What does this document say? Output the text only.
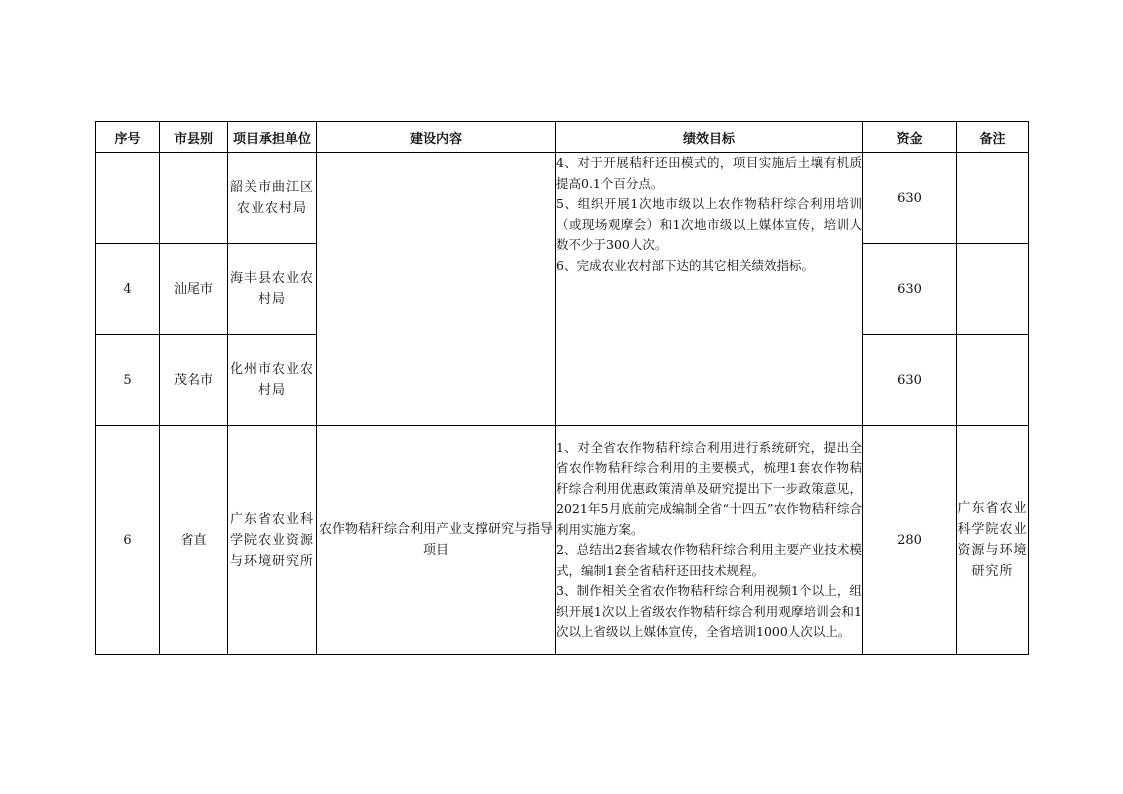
序号	市县别	项目承担单位	建设内容	绩效目标	资金	备注
		韶关市曲江区农业农村局		4、对于开展秸秆还田模式的，项目实施后土壤有机质提高0.1个百分点。

5、组织开展1次地市级以上农作物秸秆综合利用培训（或现场观摩会）和1次地市级以上媒体宣传，培训人数不少于300人次。

6、完成农业农村部下达的其它相关绩效指标。	630	
4	汕尾市	海丰县农业农村局			630	
5	茂名市	化州市农业农村局			630	
6	省直	广东省农业科学院农业资源与环境研究所	农作物秸秆综合利用产业支撑研究与指导项目	1、对全省农作物秸秆综合利用进行系统研究，提出全省农作物秸秆综合利用的主要模式，梳理1套农作物秸秆综合利用优惠政策清单及研究提出下一步政策意见，2021年5月底前完成编制全省“十四五”农作物秸秆综合利用实施方案。

2、总结出2套省域农作物秸秆综合利用主要产业技术模式，编制1套全省秸秆还田技术规程。

3、制作相关全省农作物秸秆综合利用视频1个以上，组织开展1次以上省级农作物秸秆综合利用观摩培训会和1次以上省级以上媒体宣传，全省培训1000人次以上。	280	广东省农业科学院农业资源与环境研究所
